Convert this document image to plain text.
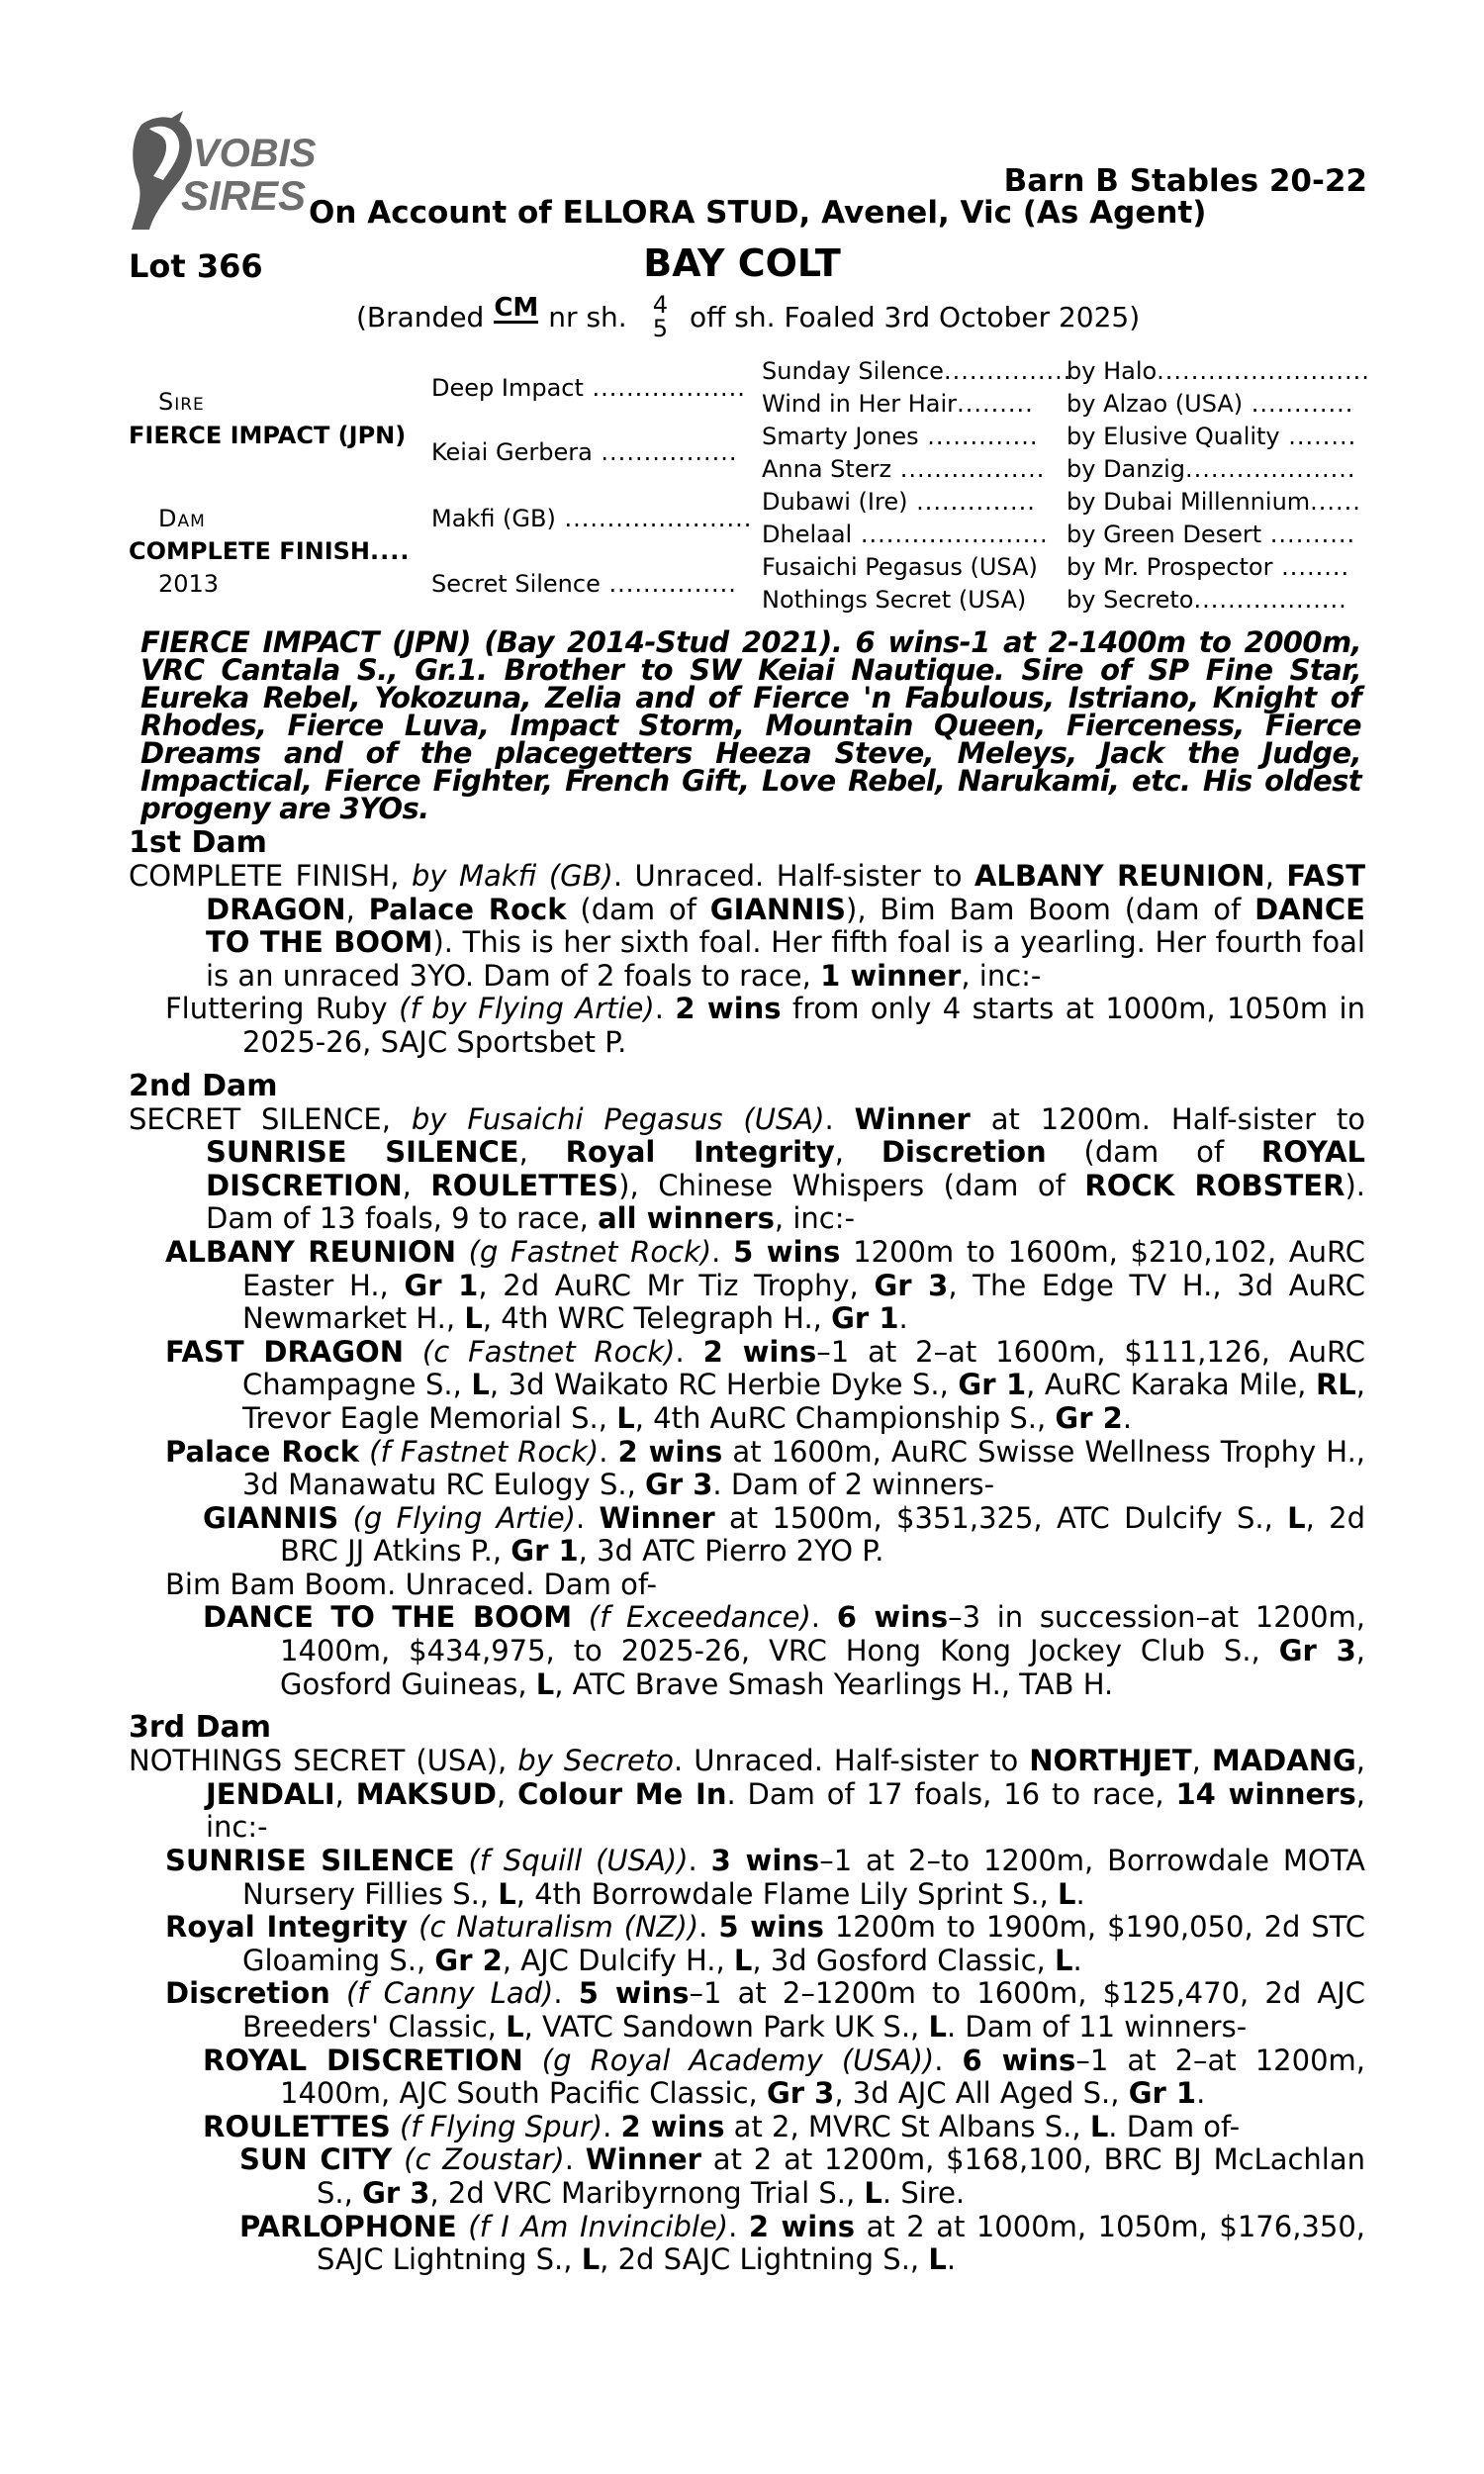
VOBIS
SIRES	Barn B Stables 20-22
On Account of ELLORA STUD, Avenel, Vic (As Agent)
Lot 366	BAY COLT
(Branded CM nr sh. 4
5 off sh. Foaled 3rd October 2025)
Sire
FIERCE IMPACT (JPN)
Dam
COMPLETE FINISH....
2013
Deep Impact ..................
Keiai Gerbera ................
Makfi (GB) ......................
Secret Silence ...............
Sunday Silence...............
Wind in Her Hair.........
Smarty Jones .............
Anna Sterz .................
Dubawi (Ire) ..............
Dhelaal ......................
Fusaichi Pegasus (USA)
Nothings Secret (USA)
by Halo.........................
by Alzao (USA) ............
by Elusive Quality ........
by Danzig....................
by Dubai Millennium......
by Green Desert ..........
by Mr. Prospector ........
by Secreto..................
FIERCE IMPACT (JPN) (Bay 2014-Stud 2021). 6 wins-1 at 2-1400m to 2000m, VRC Cantala S., Gr.1. Brother to SW Keiai Nautique. Sire of SP Fine Star, Eureka Rebel, Yokozuna, Zelia and of Fierce 'n Fabulous, Istriano, Knight of Rhodes, Fierce Luva, Impact Storm, Mountain Queen, Fierceness, Fierce Dreams and of the placegetters Heeza Steve, Meleys, Jack the Judge, Impactical, Fierce Fighter, French Gift, Love Rebel, Narukami, etc. His oldest progeny are 3YOs.
1st Dam

COMPLETE FINISH, by Makfi (GB). Unraced. Half-sister to ALBANY REUNION, FAST DRAGON, Palace Rock (dam of GIANNIS), Bim Bam Boom (dam of DANCE TO THE BOOM). This is her sixth foal. Her fifth foal is a yearling. Her fourth foal is an unraced 3YO. Dam of 2 foals to race, 1 winner, inc:-

Fluttering Ruby (f by Flying Artie). 2 wins from only 4 starts at 1000m, 1050m in 2025-26, SAJC Sportsbet P.

2nd Dam

SECRET SILENCE, by Fusaichi Pegasus (USA). Winner at 1200m. Half-sister to SUNRISE SILENCE, Royal Integrity, Discretion (dam of ROYAL DISCRETION, ROULETTES), Chinese Whispers (dam of ROCK ROBSTER). Dam of 13 foals, 9 to race, all winners, inc:-

ALBANY REUNION (g Fastnet Rock). 5 wins 1200m to 1600m, $210,102, AuRC Easter H., Gr 1, 2d AuRC Mr Tiz Trophy, Gr 3, The Edge TV H., 3d AuRC Newmarket H., L, 4th WRC Telegraph H., Gr 1.

FAST DRAGON (c Fastnet Rock). 2 wins–1 at 2–at 1600m, $111,126, AuRC Champagne S., L, 3d Waikato RC Herbie Dyke S., Gr 1, AuRC Karaka Mile, RL, Trevor Eagle Memorial S., L, 4th AuRC Championship S., Gr 2.

Palace Rock (f Fastnet Rock). 2 wins at 1600m, AuRC Swisse Wellness Trophy H., 3d Manawatu RC Eulogy S., Gr 3. Dam of 2 winners-

GIANNIS (g Flying Artie). Winner at 1500m, $351,325, ATC Dulcify S., L, 2d BRC JJ Atkins P., Gr 1, 3d ATC Pierro 2YO P.

Bim Bam Boom. Unraced. Dam of-

DANCE TO THE BOOM (f Exceedance). 6 wins–3 in succession–at 1200m, 1400m, $434,975, to 2025-26, VRC Hong Kong Jockey Club S., Gr 3, Gosford Guineas, L, ATC Brave Smash Yearlings H., TAB H.

3rd Dam

NOTHINGS SECRET (USA), by Secreto. Unraced. Half-sister to NORTHJET, MADANG, JENDALI, MAKSUD, Colour Me In. Dam of 17 foals, 16 to race, 14 winners, inc:-

SUNRISE SILENCE (f Squill (USA)). 3 wins–1 at 2–to 1200m, Borrowdale MOTA Nursery Fillies S., L, 4th Borrowdale Flame Lily Sprint S., L.

Royal Integrity (c Naturalism (NZ)). 5 wins 1200m to 1900m, $190,050, 2d STC Gloaming S., Gr 2, AJC Dulcify H., L, 3d Gosford Classic, L.

Discretion (f Canny Lad). 5 wins–1 at 2–1200m to 1600m, $125,470, 2d AJC Breeders' Classic, L, VATC Sandown Park UK S., L. Dam of 11 winners-

ROYAL DISCRETION (g Royal Academy (USA)). 6 wins–1 at 2–at 1200m, 1400m, AJC South Pacific Classic, Gr 3, 3d AJC All Aged S., Gr 1.

ROULETTES (f Flying Spur). 2 wins at 2, MVRC St Albans S., L. Dam of-

SUN CITY (c Zoustar). Winner at 2 at 1200m, $168,100, BRC BJ McLachlan S., Gr 3, 2d VRC Maribyrnong Trial S., L. Sire.

PARLOPHONE (f I Am Invincible). 2 wins at 2 at 1000m, 1050m, $176,350, SAJC Lightning S., L, 2d SAJC Lightning S., L.
